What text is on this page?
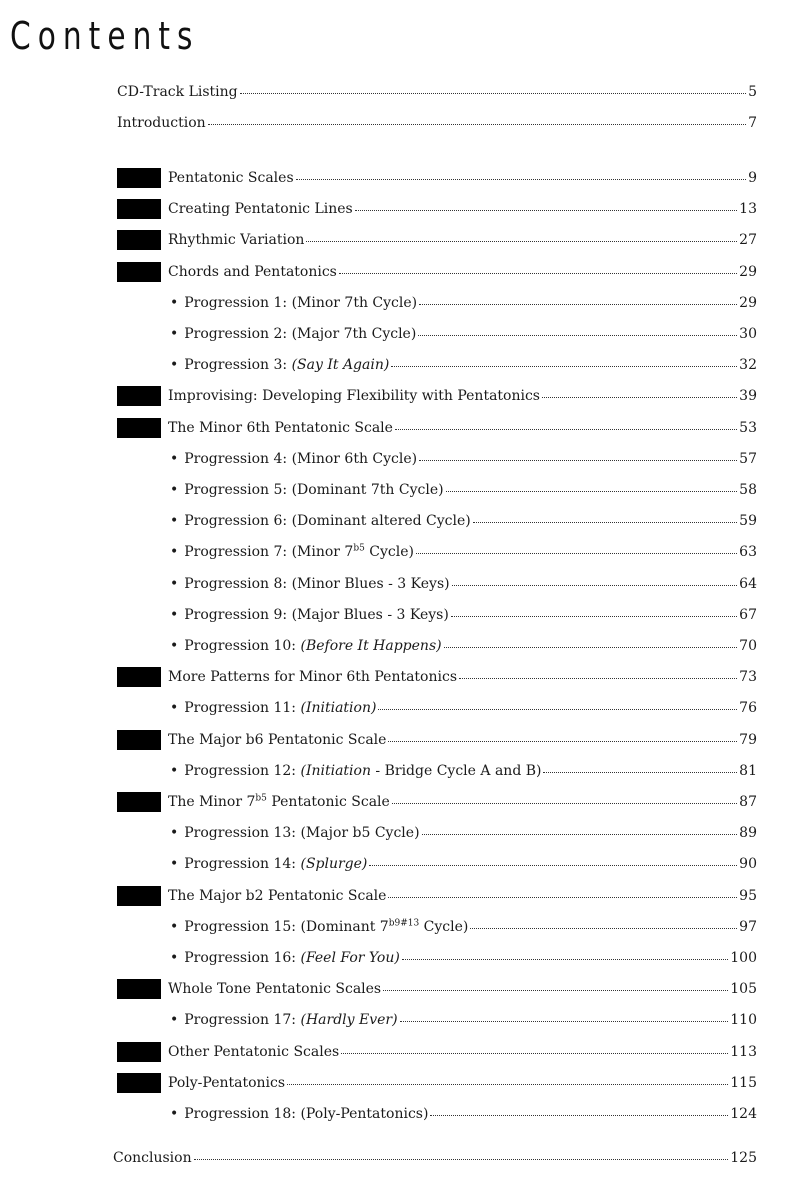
Contents
CD-Track Listing	5
Introduction	7
Pentatonic Scales	9
Creating Pentatonic Lines	13
Rhythmic Variation	27
Chords and Pentatonics	29
• Progression 1: (Minor 7th Cycle)	29
• Progression 2: (Major 7th Cycle)	30
• Progression 3: (Say It Again)	32
Improvising: Developing Flexibility with Pentatonics	39
The Minor 6th Pentatonic Scale	53
• Progression 4: (Minor 6th Cycle)	57
• Progression 5: (Dominant 7th Cycle)	58
• Progression 6: (Dominant altered Cycle)	59
• Progression 7: (Minor $7^{b5}$ Cycle)	63
• Progression 8: (Minor Blues - 3 Keys)	64
• Progression 9: (Major Blues - 3 Keys)	67
• Progression 10: (Before It Happens)	70
More Patterns for Minor 6th Pentatonics	73
• Progression 11: (Initiation)	76
The Major b6 Pentatonic Scale	79
• Progression 12: (Initiation - Bridge Cycle A and B)	81
The Minor $7^{b5}$ Pentatonic Scale	87
• Progression 13: (Major b5 Cycle)	89
• Progression 14: (Splurge)	90
The Major b2 Pentatonic Scale	95
• Progression 15: (Dominant $7^{b9\#13}$ Cycle)	97
• Progression 16: (Feel For You)	100
Whole Tone Pentatonic Scales	105
• Progression 17: (Hardly Ever)	110
Other Pentatonic Scales	113
Poly-Pentatonics	115
• Progression 18: (Poly-Pentatonics)	124
Conclusion	125
